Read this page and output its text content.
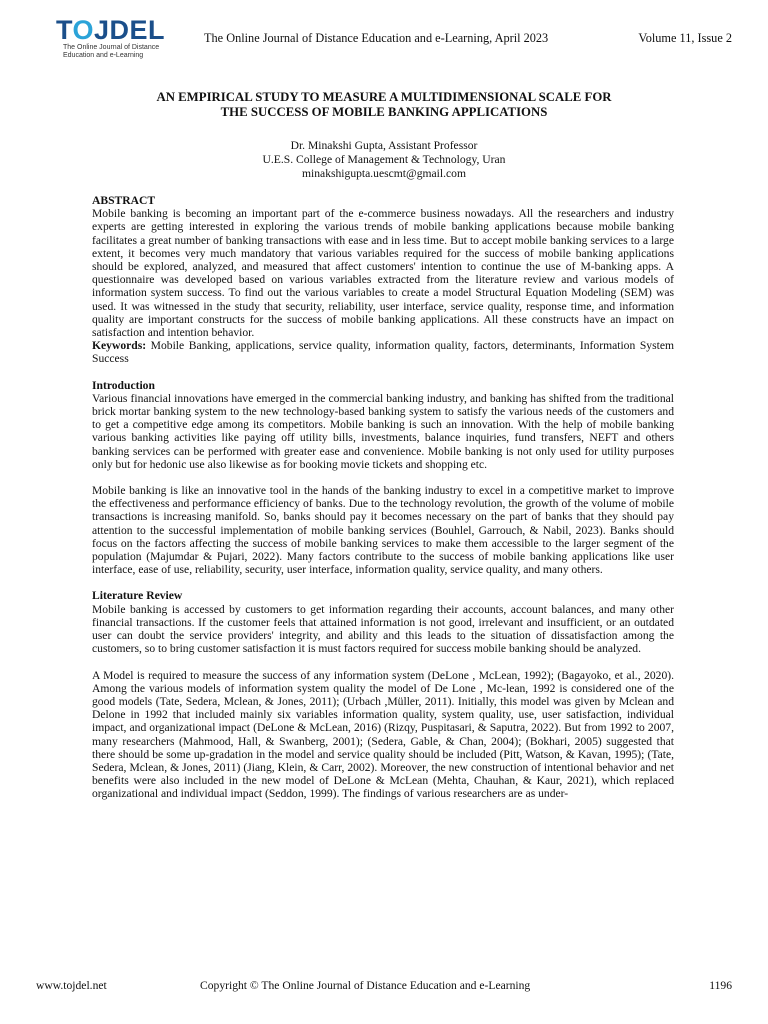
TOJDEL
The Online Journal of Distance
Education and e-Learning
The Online Journal of Distance Education and e-Learning, April 2023	Volume 11, Issue 2
AN EMPIRICAL STUDY TO MEASURE A MULTIDIMENSIONAL SCALE FOR
THE SUCCESS OF MOBILE BANKING APPLICATIONS
Dr. Minakshi Gupta, Assistant Professor
U.E.S. College of Management & Technology, Uran
minakshigupta.uescmt@gmail.com

ABSTRACT

Mobile banking is becoming an important part of the e-commerce business nowadays. All the researchers and industry experts are getting interested in exploring the various trends of mobile banking applications because mobile banking facilitates a great number of banking transactions with ease and in less time. But to accept mobile banking services to a large extent, it becomes very much mandatory that various variables required for the success of mobile banking applications should be explored, analyzed, and measured that affect customers' intention to continue the use of M-banking apps. A questionnaire was developed based on various variables extracted from the literature review and various models of information system success. To find out the various variables to create a model Structural Equation Modeling (SEM) was used. It was witnessed in the study that security, reliability, user interface, service quality, response time, and information quality are important constructs for the success of mobile banking applications. All these constructs have an impact on satisfaction and intention behavior.

Keywords: Mobile Banking, applications, service quality, information quality, factors, determinants, Information System Success

Introduction

Various financial innovations have emerged in the commercial banking industry, and banking has shifted from the traditional brick mortar banking system to the new technology-based banking system to satisfy the various needs of the customers and to get a competitive edge among its competitors. Mobile banking is such an innovation. With the help of mobile banking various banking activities like paying off utility bills, investments, balance inquiries, fund transfers, NEFT and others banking services can be performed with greater ease and convenience. Mobile banking is not only used for utility purposes only but for hedonic use also likewise as for booking movie tickets and shopping etc.

Mobile banking is like an innovative tool in the hands of the banking industry to excel in a competitive market to improve the effectiveness and performance efficiency of banks. Due to the technology revolution, the growth of the volume of mobile transactions is increasing manifold. So, banks should pay it becomes necessary on the part of banks that they should pay attention to the successful implementation of mobile banking services (Bouhlel, Garrouch, & Nabil, 2023). Banks should focus on the factors affecting the success of mobile banking services to make them accessible to the larger segment of the population (Majumdar & Pujari, 2022). Many factors contribute to the success of mobile banking applications like user interface, ease of use, reliability, security, user interface, information quality, service quality, and many others.

Literature Review

Mobile banking is accessed by customers to get information regarding their accounts, account balances, and many other financial transactions. If the customer feels that attained information is not good, irrelevant and insufficient, or an outdated user can doubt the service providers' integrity, and ability and this leads to the situation of dissatisfaction among the customers, so to bring customer satisfaction it is must factors required for success mobile banking should be analyzed.

A Model is required to measure the success of any information system (DeLone , McLean, 1992); (Bagayoko, et al., 2020). Among the various models of information system quality the model of De Lone , Mc-lean, 1992 is considered one of the good models (Tate, Sedera, Mclean, & Jones, 2011); (Urbach ,Müller, 2011). Initially, this model was given by Mclean and Delone in 1992 that included mainly six variables information quality, system quality, use, user satisfaction, individual impact, and organizational impact (DeLone & McLean, 2016) (Rizqy, Puspitasari, & Saputra, 2022). But from 1992 to 2007, many researchers (Mahmood, Hall, & Swanberg, 2001); (Sedera, Gable, & Chan, 2004); (Bokhari, 2005) suggested that there should be some up-gradation in the model and service quality should be included (Pitt, Watson, & Kavan, 1995); (Tate, Sedera, Mclean, & Jones, 2011) (Jiang, Klein, & Carr, 2002). Moreover, the new construction of intentional behavior and net benefits were also included in the new model of DeLone & McLean (Mehta, Chauhan, & Kaur, 2021), which replaced organizational and individual impact (Seddon, 1999). The findings of various researchers are as under-

www.tojdel.net	Copyright © The Online Journal of Distance Education and e-Learning	1196
